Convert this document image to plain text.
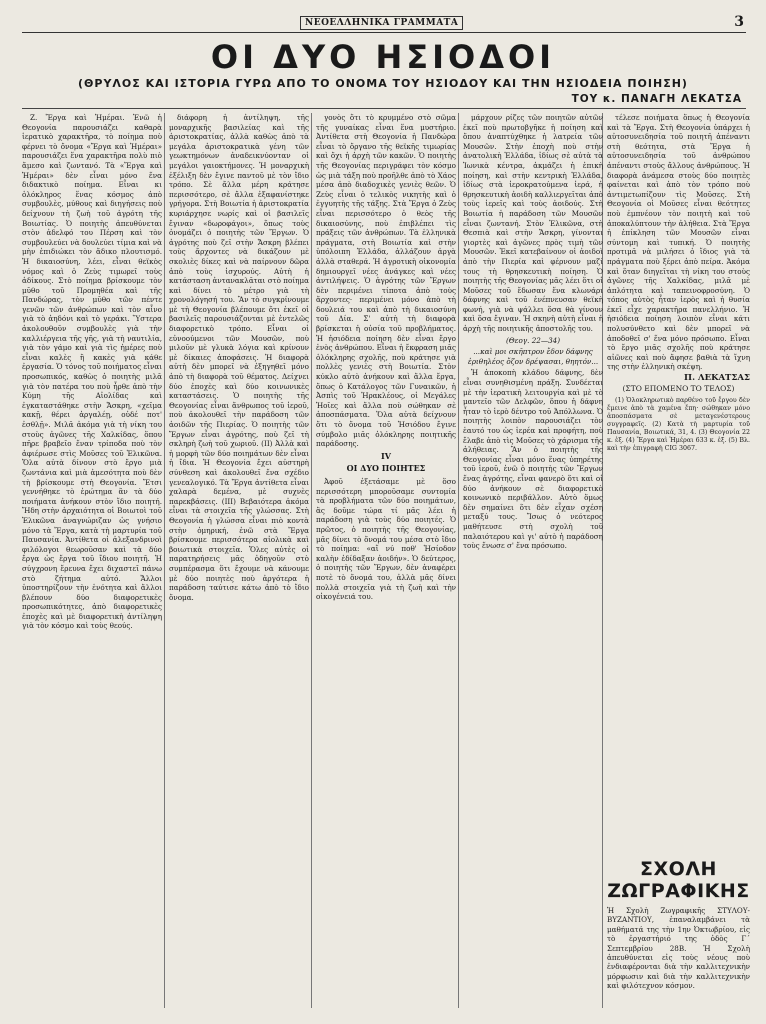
ΝΕΟΕΛΛΗΝΙΚΑ ΓΡΑΜΜΑΤΑ	3
ΟΙ ΔΥΟ ΗΣΙΟΔΟΙ
(ΘΡΥΛΟΣ ΚΑΙ ΙΣΤΟΡΙΑ ΓΥΡΩ ΑΠΟ ΤΟ ΟΝΟΜΑ ΤΟΥ ΗΣΙΟΔΟΥ ΚΑΙ ΤΗΝ ΗΣΙΟΔΕΙΑ ΠΟΙΗΣΗ)
ΤΟΥ κ. ΠΑΝΑΓΗ ΛΕΚΑΤΣΑ

Ζ. Ἔργα καὶ Ἡμέραι. Ἐνῶ ἡ Θεογονία παρουσιάζει καθαρὰ ἱερατικὸ χαρακτῆρα, τὸ ποίημα ποὺ φέρνει τὸ ὄνομα «Ἔργα καὶ Ἡμέραι» παρουσιάζει ἕνα χαρακτῆρα πολὺ πιὸ ἄμεσο καὶ ζωντανό. Τὰ «Ἔργα καὶ Ἡμέραι» δὲν εἶναι μόνο ἕνα διδακτικὸ ποίημα. Εἶναι κι ὁλόκληρος ἕνας κόσμος ἀπὸ συμβουλὲς, μύθους καὶ διηγήσεις ποὺ δείχνουν τὴ ζωὴ τοῦ ἀγρότη τῆς Βοιωτίας. Ὁ ποιητὴς ἀπευθύνεται στὸν ἀδελφό του Πέρση καὶ τὸν συμβουλεύει νὰ δουλεύει τίμια καὶ νὰ μὴν ἐπιδιώκει τὸν ἄδικο πλουτισμό. Ἡ δικαιοσύνη, λέει, εἶναι θεϊκὸς νόμος καὶ ὁ Ζεὺς τιμωρεῖ τοὺς ἀδίκους. Στὸ ποίημα βρίσκουμε τὸν μῦθο τοῦ Προμηθέα καὶ τῆς Πανδώρας, τὸν μῦθο τῶν πέντε γενῶν τῶν ἀνθρώπων καὶ τὸν αἶνο γιὰ τὸ ἀηδόνι καὶ τὸ γεράκι. Ὕστερα ἀκολουθοῦν συμβουλὲς γιὰ τὴν καλλιέργεια τῆς γῆς, γιὰ τὴ ναυτιλία, γιὰ τὸν γάμο καὶ γιὰ τὶς ἡμέρες ποὺ εἶναι καλὲς ἢ κακὲς γιὰ κάθε ἐργασία. Ὁ τόνος τοῦ ποιήματος εἶναι προσωπικός, καθὼς ὁ ποιητὴς μιλᾶ γιὰ τὸν πατέρα του ποὺ ἦρθε ἀπὸ τὴν Κύμη τῆς Αἰολίδας καὶ ἐγκαταστάθηκε στὴν Ἄσκρη, «χεῖμα κακῇ, θέρει ἀργαλέῃ, οὐδέ ποτ' ἐσθλῇ». Μιλᾶ ἀκόμα γιὰ τὴ νίκη του στοὺς ἀγῶνες τῆς Χαλκίδας, ὅπου πῆρε βραβεῖο ἕναν τρίποδα ποὺ τὸν ἀφιέρωσε στὶς Μοῦσες τοῦ Ἑλικῶνα. Ὅλα αὐτὰ δίνουν στὸ ἔργο μιὰ ζωντάνια καὶ μιὰ ἀμεσότητα ποὺ δὲν τὴ βρίσκουμε στὴ Θεογονία. Ἔτσι γεννήθηκε τὸ ἐρώτημα ἂν τὰ δύο ποιήματα ἀνήκουν στὸν ἴδιο ποιητή. Ἤδη στὴν ἀρχαιότητα οἱ Βοιωτοὶ τοῦ Ἑλικῶνα ἀναγνώριζαν ὡς γνήσιο μόνο τὰ Ἔργα, κατὰ τὴ μαρτυρία τοῦ Παυσανία. Ἀντίθετα οἱ ἀλεξανδρινοὶ φιλόλογοι θεωροῦσαν καὶ τὰ δύο ἔργα ὡς ἔργα τοῦ ἴδιου ποιητῆ. Ἡ σύγχρονη ἔρευνα ἔχει διχαστεῖ πάνω στὸ ζήτημα αὐτό. Ἄλλοι ὑποστηρίζουν τὴν ἑνότητα καὶ ἄλλοι βλέπουν δύο διαφορετικὲς προσωπικότητες, ἀπὸ διαφορετικὲς ἐποχὲς καὶ μὲ διαφορετικὴ ἀντίληψη γιὰ τὸν κόσμο καὶ τοὺς θεούς.

διάφορη ἡ ἀντίληψη, τῆς μοναρχικῆς βασιλείας καὶ τῆς ἀριστοκρατίας, ἀλλὰ καθὼς ἀπὸ τὰ μεγάλα ἀριστοκρατικὰ γένη τῶν γεωκτημόνων ἀναδεικνύονταν οἱ μεγάλοι γαιοκτήμονες. Ἡ μοναρχικὴ ἐξέλιξη δὲν ἔγινε παντοῦ μὲ τὸν ἴδιο τρόπο. Σὲ ἄλλα μέρη κράτησε περισσότερο, σὲ ἄλλα ἐξαφανίστηκε γρήγορα. Στὴ Βοιωτία ἡ ἀριστοκρατία κυριάρχησε νωρίς καὶ οἱ βασιλεῖς ἔγιναν «δωροφάγοι», ὅπως τοὺς ὀνομάζει ὁ ποιητὴς τῶν Ἔργων. Ὁ ἀγρότης ποὺ ζεῖ στὴν Ἄσκρη βλέπει τοὺς ἄρχοντες νὰ δικάζουν μὲ σκολιὲς δίκες καὶ νὰ παίρνουν δῶρα ἀπὸ τοὺς ἰσχυρούς. Αὐτὴ ἡ κατάσταση ἀντανακλᾶται στὸ ποίημα καὶ δίνει τὸ μέτρο γιὰ τὴ χρονολόγησή του. Ἂν τὸ συγκρίνουμε μὲ τὴ Θεογονία βλέπουμε ὅτι ἐκεῖ οἱ βασιλεῖς παρουσιάζονται μὲ ἐντελῶς διαφορετικὸ τρόπο. Εἶναι οἱ εὐνοούμενοι τῶν Μουσῶν, ποὺ μιλοῦν μὲ γλυκὰ λόγια καὶ κρίνουν μὲ δίκαιες ἀποφάσεις. Ἡ διαφορὰ αὐτὴ δὲν μπορεῖ νὰ ἐξηγηθεῖ μόνο ἀπὸ τὴ διαφορὰ τοῦ θέματος. Δείχνει δύο ἐποχὲς καὶ δύο κοινωνικὲς καταστάσεις. Ὁ ποιητὴς τῆς Θεογονίας εἶναι ἄνθρωπος τοῦ ἱεροῦ, ποὺ ἀκολουθεῖ τὴν παράδοση τῶν ἀοιδῶν τῆς Πιερίας. Ὁ ποιητὴς τῶν Ἔργων εἶναι ἀγρότης, ποὺ ζεῖ τὴ σκληρὴ ζωὴ τοῦ χωριοῦ. (ΙΙ) Ἀλλὰ καὶ ἡ μορφὴ τῶν δύο ποιημάτων δὲν εἶναι ἡ ἴδια. Ἡ Θεογονία ἔχει αὐστηρὴ σύνθεση καὶ ἀκολουθεῖ ἕνα σχέδιο γενεαλογικό. Τὰ Ἔργα ἀντίθετα εἶναι χαλαρὰ δεμένα, μὲ συχνὲς παρεκβάσεις. (ΙΙΙ) Βεβαιότερα ἀκόμα εἶναι τὰ στοιχεῖα τῆς γλώσσας. Στὴ Θεογονία ἡ γλώσσα εἶναι πιὸ κοντὰ στὴν ὁμηρική, ἐνῶ στὰ Ἔργα βρίσκουμε περισσότερα αἰολικὰ καὶ βοιωτικὰ στοιχεῖα. Ὅλες αὐτὲς οἱ παρατηρήσεις μᾶς ὁδηγοῦν στὸ συμπέρασμα ὅτι ἔχουμε νὰ κάνουμε μὲ δύο ποιητὲς ποὺ ἀργότερα ἡ παράδοση ταύτισε κάτω ἀπὸ τὸ ἴδιο ὄνομα.

γονὸς ὅτι τὸ κρυμμένο στὸ σῶμα τῆς γυναίκας εἶναι ἕνα μυστήριο. Ἀντίθετα στὴ Θεογονία ἡ Πανδώρα εἶναι τὸ ὄργανο τῆς θεϊκῆς τιμωρίας καὶ ὄχι ἡ ἀρχὴ τῶν κακῶν. Ὁ ποιητὴς τῆς Θεογονίας περιγράφει τὸν κόσμο ὡς μιὰ τάξη ποὺ προῆλθε ἀπὸ τὸ Χάος μέσα ἀπὸ διαδοχικὲς γενιὲς θεῶν. Ὁ Ζεὺς εἶναι ὁ τελικὸς νικητὴς καὶ ὁ ἐγγυητὴς τῆς τάξης. Στὰ Ἔργα ὁ Ζεὺς εἶναι περισσότερο ὁ θεὸς τῆς δικαιοσύνης, ποὺ ἐπιβλέπει τὶς πράξεις τῶν ἀνθρώπων. Τὰ ἑλληνικὰ πράγματα, στὴ Βοιωτία καὶ στὴν ὑπόλοιπη Ἑλλάδα, ἀλλάζουν ἀργὰ ἀλλὰ σταθερά. Ἡ ἀγροτικὴ οἰκονομία δημιουργεῖ νέες ἀνάγκες καὶ νέες ἀντιλήψεις. Ὁ ἀγρότης τῶν Ἔργων δὲν περιμένει τίποτα ἀπὸ τοὺς ἄρχοντες· περιμένει μόνο ἀπὸ τὴ δουλειά του καὶ ἀπὸ τὴ δικαιοσύνη τοῦ Δία. Σ' αὐτὴ τὴ διαφορὰ βρίσκεται ἡ οὐσία τοῦ προβλήματος. Ἡ ἡσιόδεια ποίηση δὲν εἶναι ἔργο ἑνὸς ἀνθρώπου. Εἶναι ἡ ἔκφραση μιᾶς ὁλόκληρης σχολῆς, ποὺ κράτησε γιὰ πολλὲς γενιὲς στὴ Βοιωτία. Στὸν κύκλο αὐτὸ ἀνήκουν καὶ ἄλλα ἔργα, ὅπως ὁ Κατάλογος τῶν Γυναικῶν, ἡ Ἀσπὶς τοῦ Ἡρακλέους, οἱ Μεγάλες Ἠοῖες καὶ ἄλλα ποὺ σώθηκαν σὲ ἀποσπάσματα. Ὅλα αὐτὰ δείχνουν ὅτι τὸ ὄνομα τοῦ Ἡσιόδου ἔγινε σύμβολο μιᾶς ὁλόκληρης ποιητικῆς παράδοσης.

ΙV
ΟΙ ΔΥΟ ΠΟΙΗΤΕΣ

Ἀφοῦ ἐξετάσαμε μὲ ὅσο περισσότερη μποροῦσαμε συντομία τὰ προβλήματα τῶν δύο ποιημάτων, ἂς δοῦμε τώρα τί μᾶς λέει ἡ παράδοση γιὰ τοὺς δύο ποιητές. Ὁ πρῶτος, ὁ ποιητὴς τῆς Θεογονίας, μᾶς δίνει τὸ ὄνομά του μέσα στὸ ἴδιο τὸ ποίημα: «αἵ νύ ποθ' Ἡσίοδον καλὴν ἐδίδαξαν ἀοιδήν». Ὁ δεύτερος, ὁ ποιητὴς τῶν Ἔργων, δὲν ἀναφέρει ποτὲ τὸ ὄνομά του, ἀλλὰ μᾶς δίνει πολλὰ στοιχεῖα γιὰ τὴ ζωὴ καὶ τὴν οἰκογένειά του.

μάρχουν ρίζες τῶν ποιητῶν αὐτῶν ἐκεῖ ποὺ πρωτοβγῆκε ἡ ποίηση καὶ ὅπου ἀναπτύχθηκε ἡ λατρεία τῶν Μουσῶν. Στὴν ἐποχὴ ποὺ στὴν ἀνατολικὴ Ἑλλάδα, ἰδίως σὲ αὐτὰ τὰ Ἰωνικὰ κέντρα, ἀκμάζει ἡ ἐπικὴ ποίηση, καὶ στὴν κεντρικὴ Ἑλλάδα, ἰδίως στὰ ἱεροκρατούμενα ἱερά, ἡ θρησκευτικὴ ἀοιδὴ καλλιεργεῖται ἀπὸ τοὺς ἱερεῖς καὶ τοὺς ἀοιδούς. Στὴ Βοιωτία ἡ παράδοση τῶν Μουσῶν εἶναι ζωντανή. Στὸν Ἑλικῶνα, στὴ Θεσπιὰ καὶ στὴν Ἄσκρη, γίνονται γιορτὲς καὶ ἀγῶνες πρὸς τιμὴ τῶν Μουσῶν. Ἐκεῖ κατεβαίνουν οἱ ἀοιδοὶ ἀπὸ τὴν Πιερία καὶ φέρνουν μαζί τους τὴ θρησκευτικὴ ποίηση. Ὁ ποιητὴς τῆς Θεογονίας μᾶς λέει ὅτι οἱ Μοῦσες τοῦ ἔδωσαν ἕνα κλωνάρι δάφνης καὶ τοῦ ἐνέπνευσαν θεϊκὴ φωνή, γιὰ νὰ ψάλλει ὅσα θὰ γίνουν καὶ ὅσα ἔγιναν. Ἡ σκηνὴ αὐτὴ εἶναι ἡ ἀρχὴ τῆς ποιητικῆς ἀποστολῆς του.

(Θεογ. 22—34)
...καὶ μοι σκῆπτρον ἔδον δάφνης ἐριθηλέος ὄζον δρέψασαι, θηητόν...

Ἡ ἀποκοπὴ κλάδου δάφνης, δὲν εἶναι συνηθισμένη πράξη. Συνδέεται μὲ τὴν ἱερατικὴ λειτουργία καὶ μὲ τὸ μαντεῖο τῶν Δελφῶν, ὅπου ἡ δάφνη ἦταν τὸ ἱερὸ δέντρο τοῦ Ἀπόλλωνα. Ὁ ποιητὴς λοιπὸν παρουσιάζει τὸν ἑαυτό του ὡς ἱερέα καὶ προφήτη, ποὺ ἔλαβε ἀπὸ τὶς Μοῦσες τὸ χάρισμα τῆς ἀλήθειας. Ἂν ὁ ποιητὴς τῆς Θεογονίας εἶναι μόνο ἕνας ὑπηρέτης τοῦ ἱεροῦ, ἐνῶ ὁ ποιητὴς τῶν Ἔργων ἕνας ἀγρότης, εἶναι φανερὸ ὅτι καὶ οἱ δύο ἀνήκουν σὲ διαφορετικὸ κοινωνικὸ περιβάλλον. Αὐτὸ ὅμως δὲν σημαίνει ὅτι δὲν εἶχαν σχέση μεταξύ τους. Ἴσως ὁ νεότερος μαθήτευσε στὴ σχολὴ τοῦ παλαιότερου καὶ γι' αὐτὸ ἡ παράδοση τοὺς ἕνωσε σ' ἕνα πρόσωπο.

τέλεσε ποιήματα ὅπως ἡ Θεογονία καὶ τὰ Ἔργα. Στὴ Θεογονία ὑπάρχει ἡ αὐτοσυνειδησία τοῦ ποιητῆ ἀπέναντι στὴ θεότητα, στὰ Ἔργα ἡ αὐτοσυνειδησία τοῦ ἀνθρώπου ἀπέναντι στοὺς ἄλλους ἀνθρώπους. Ἡ διαφορὰ ἀνάμεσα στοὺς δύο ποιητὲς φαίνεται καὶ ἀπὸ τὸν τρόπο ποὺ ἀντιμετωπίζουν τὶς Μοῦσες. Στὴ Θεογονία οἱ Μοῦσες εἶναι θεότητες ποὺ ἐμπνέουν τὸν ποιητὴ καὶ τοῦ ἀποκαλύπτουν τὴν ἀλήθεια. Στὰ Ἔργα ἡ ἐπίκληση τῶν Μουσῶν εἶναι σύντομη καὶ τυπική. Ὁ ποιητὴς προτιμᾶ νὰ μιλήσει ὁ ἴδιος γιὰ τὰ πράγματα ποὺ ξέρει ἀπὸ πείρα. Ἀκόμα καὶ ὅταν διηγεῖται τὴ νίκη του στοὺς ἀγῶνες τῆς Χαλκίδας, μιλᾶ μὲ ἁπλότητα καὶ ταπεινοφροσύνη. Ὁ τόπος αὐτὸς ἦταν ἱερὸς καὶ ἡ θυσία ἐκεῖ εἶχε χαρακτῆρα πανελλήνιο. Ἡ ἡσιόδεια ποίηση λοιπὸν εἶναι κάτι πολυσύνθετο καὶ δὲν μπορεῖ νὰ ἀποδοθεῖ σ' ἕνα μόνο πρόσωπο. Εἶναι τὸ ἔργο μιᾶς σχολῆς ποὺ κράτησε αἰῶνες καὶ ποὺ ἄφησε βαθιὰ τὰ ἴχνη της στὴν ἑλληνικὴ σκέψη.

Π. ΛΕΚΑΤΣΑΣ
(ΣΤΟ ΕΠΟΜΕΝΟ ΤΟ ΤΕΛΟΣ)

(1) Ὁλοκληρωτικὸ παρθένο τοῦ ἔργου δὲν ἔμεινε ἀπὸ τὰ χαμένα ἔπη· σώθηκαν μόνο ἀποσπάσματα σὲ μεταγενέστερους συγγραφεῖς. (2) Κατὰ τὴ μαρτυρία τοῦ Παυσανία, Βοιωτικά, 31, 4. (3) Θεογονία 22 κ. ἑξ. (4) Ἔργα καὶ Ἡμέραι 633 κ. ἑξ. (5) Βλ. καὶ τὴν ἐπιγραφὴ CIG 3067.

ΣΧΟΛΗ ΖΩΓΡΑΦΙΚΗΣ
Ἡ Σχολὴ Ζωγραφικῆς ΣΤΥΛΟΥ-ΒΥΖΑΝΤΙΟΥ, ἐπαναλαμβάνει τὰ μαθήματά της τὴν 1ην Ὀκτωβρίου, εἰς τὸ ἐργαστήριό της ὁδὸς Γ΄ Σεπτεμβρίου 28Β. Ἡ Σχολὴ ἀπευθύνεται εἰς τοὺς νέους ποὺ ἐνδιαφέρονται διὰ τὴν καλλιτεχνικὴν μόρφωσιν καὶ διὰ τὴν καλλιτεχνικὴν καὶ φιλότεχνον κόσμον.
